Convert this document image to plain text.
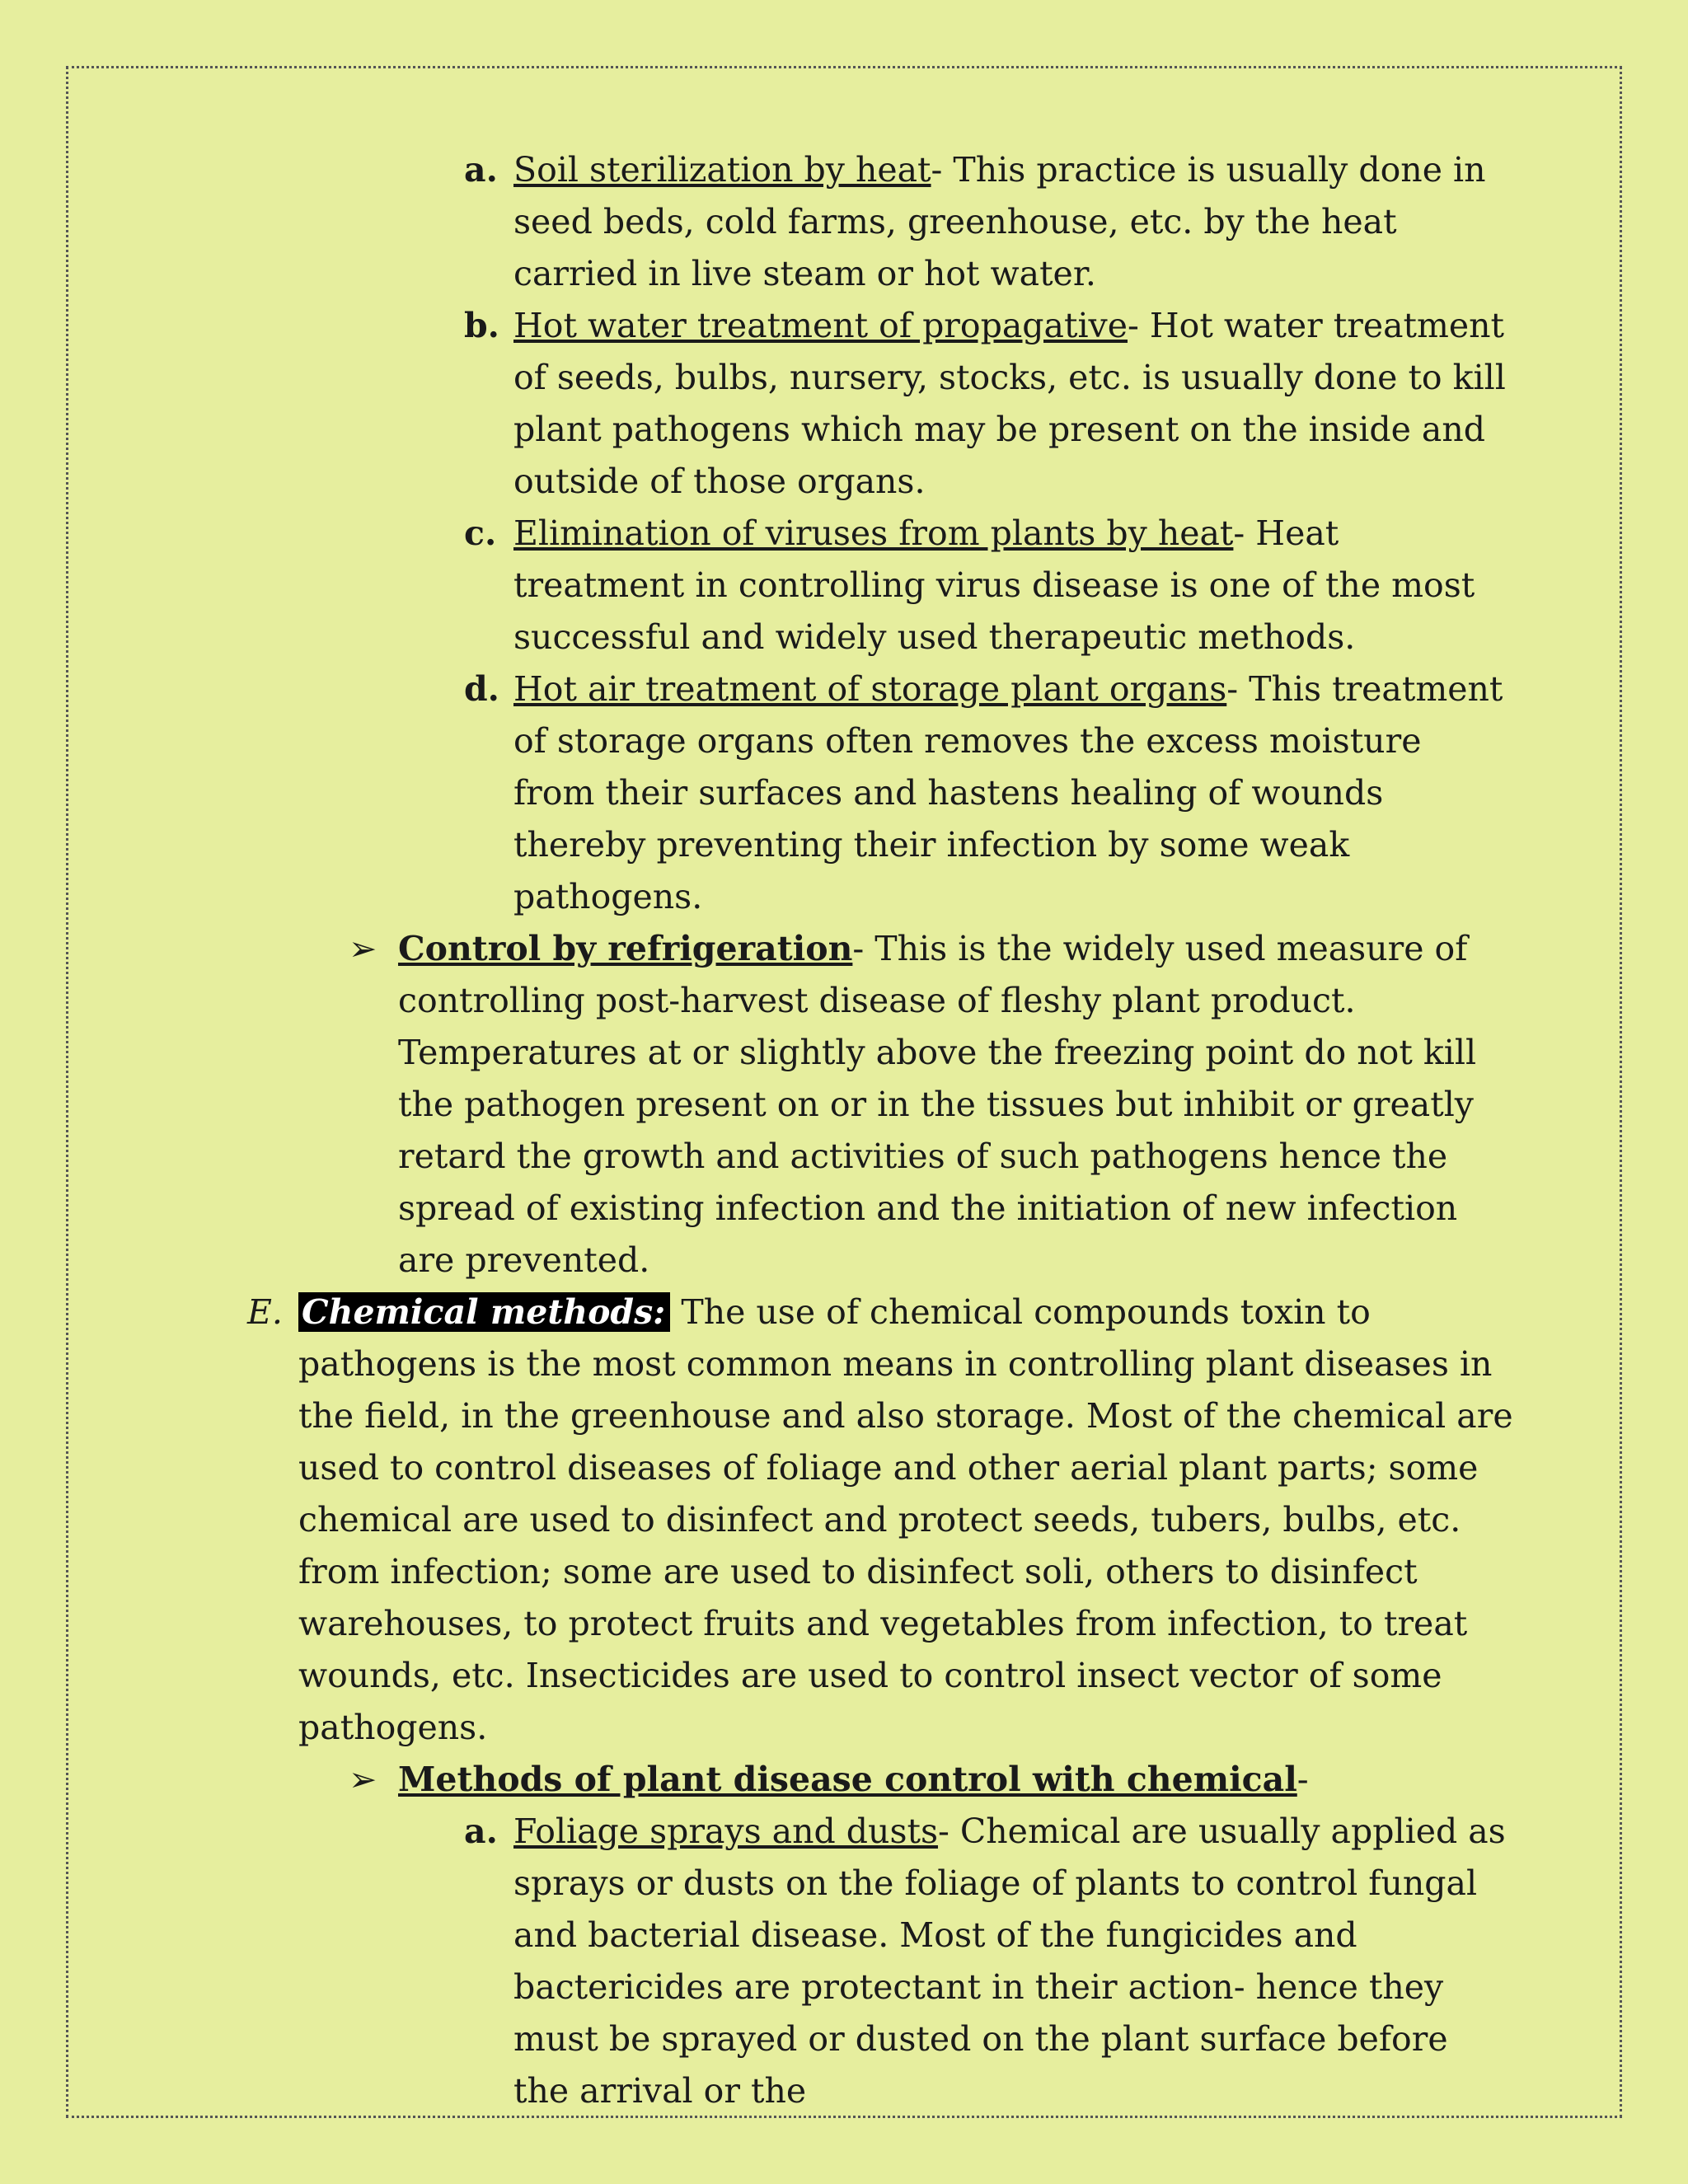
a. Soil sterilization by heat- This practice is usually done in seed beds, cold farms, greenhouse, etc. by the heat carried in live steam or hot water.
b. Hot water treatment of propagative- Hot water treatment of seeds, bulbs, nursery, stocks, etc. is usually done to kill plant pathogens which may be present on the inside and outside of those organs.
c. Elimination of viruses from plants by heat- Heat treatment in controlling virus disease is one of the most successful and widely used therapeutic methods.
d. Hot air treatment of storage plant organs- This treatment of storage organs often removes the excess moisture from their surfaces and hastens healing of wounds thereby preventing their infection by some weak pathogens.
➢ Control by refrigeration- This is the widely used measure of controlling post-harvest disease of fleshy plant product. Temperatures at or slightly above the freezing point do not kill the pathogen present on or in the tissues but inhibit or greatly retard the growth and activities of such pathogens hence the spread of existing infection and the initiation of new infection are prevented.
E. Chemical methods: The use of chemical compounds toxin to pathogens is the most common means in controlling plant diseases in the field, in the greenhouse and also storage. Most of the chemical are used to control diseases of foliage and other aerial plant parts; some chemical are used to disinfect and protect seeds, tubers, bulbs, etc. from infection; some are used to disinfect soli, others to disinfect warehouses, to protect fruits and vegetables from infection, to treat wounds, etc. Insecticides are used to control insect vector of some pathogens.
➢ Methods of plant disease control with chemical-
a. Foliage sprays and dusts- Chemical are usually applied as sprays or dusts on the foliage of plants to control fungal and bacterial disease. Most of the fungicides and bactericides are protectant in their action- hence they must be sprayed or dusted on the plant surface before the arrival or the
